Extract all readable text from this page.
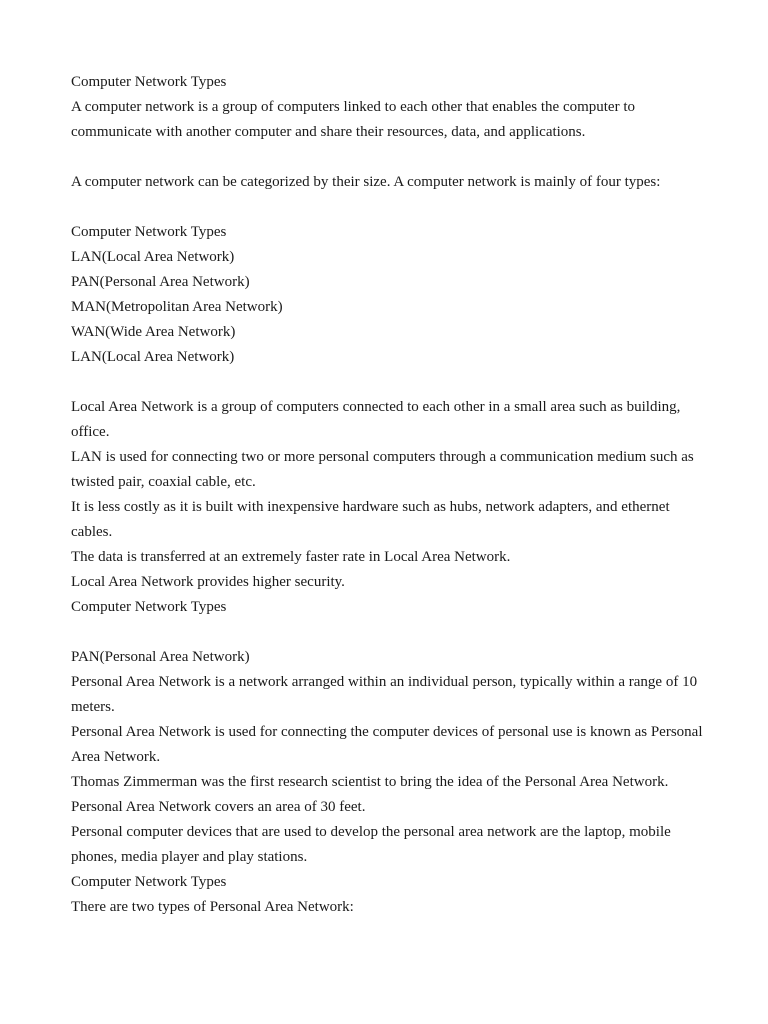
Computer Network Types

A computer network is a group of computers linked to each other that enables the computer to communicate with another computer and share their resources, data, and applications.

A computer network can be categorized by their size. A computer network is mainly of four types:

Computer Network Types

LAN(Local Area Network)

PAN(Personal Area Network)

MAN(Metropolitan Area Network)

WAN(Wide Area Network)

LAN(Local Area Network)

Local Area Network is a group of computers connected to each other in a small area such as building, office.

LAN is used for connecting two or more personal computers through a communication medium such as twisted pair, coaxial cable, etc.

It is less costly as it is built with inexpensive hardware such as hubs, network adapters, and ethernet cables.

The data is transferred at an extremely faster rate in Local Area Network.

Local Area Network provides higher security.

Computer Network Types

PAN(Personal Area Network)

Personal Area Network is a network arranged within an individual person, typically within a range of 10 meters.

Personal Area Network is used for connecting the computer devices of personal use is known as Personal Area Network.

Thomas Zimmerman was the first research scientist to bring the idea of the Personal Area Network.

Personal Area Network covers an area of 30 feet.

Personal computer devices that are used to develop the personal area network are the laptop, mobile phones, media player and play stations.

Computer Network Types

There are two types of Personal Area Network:
